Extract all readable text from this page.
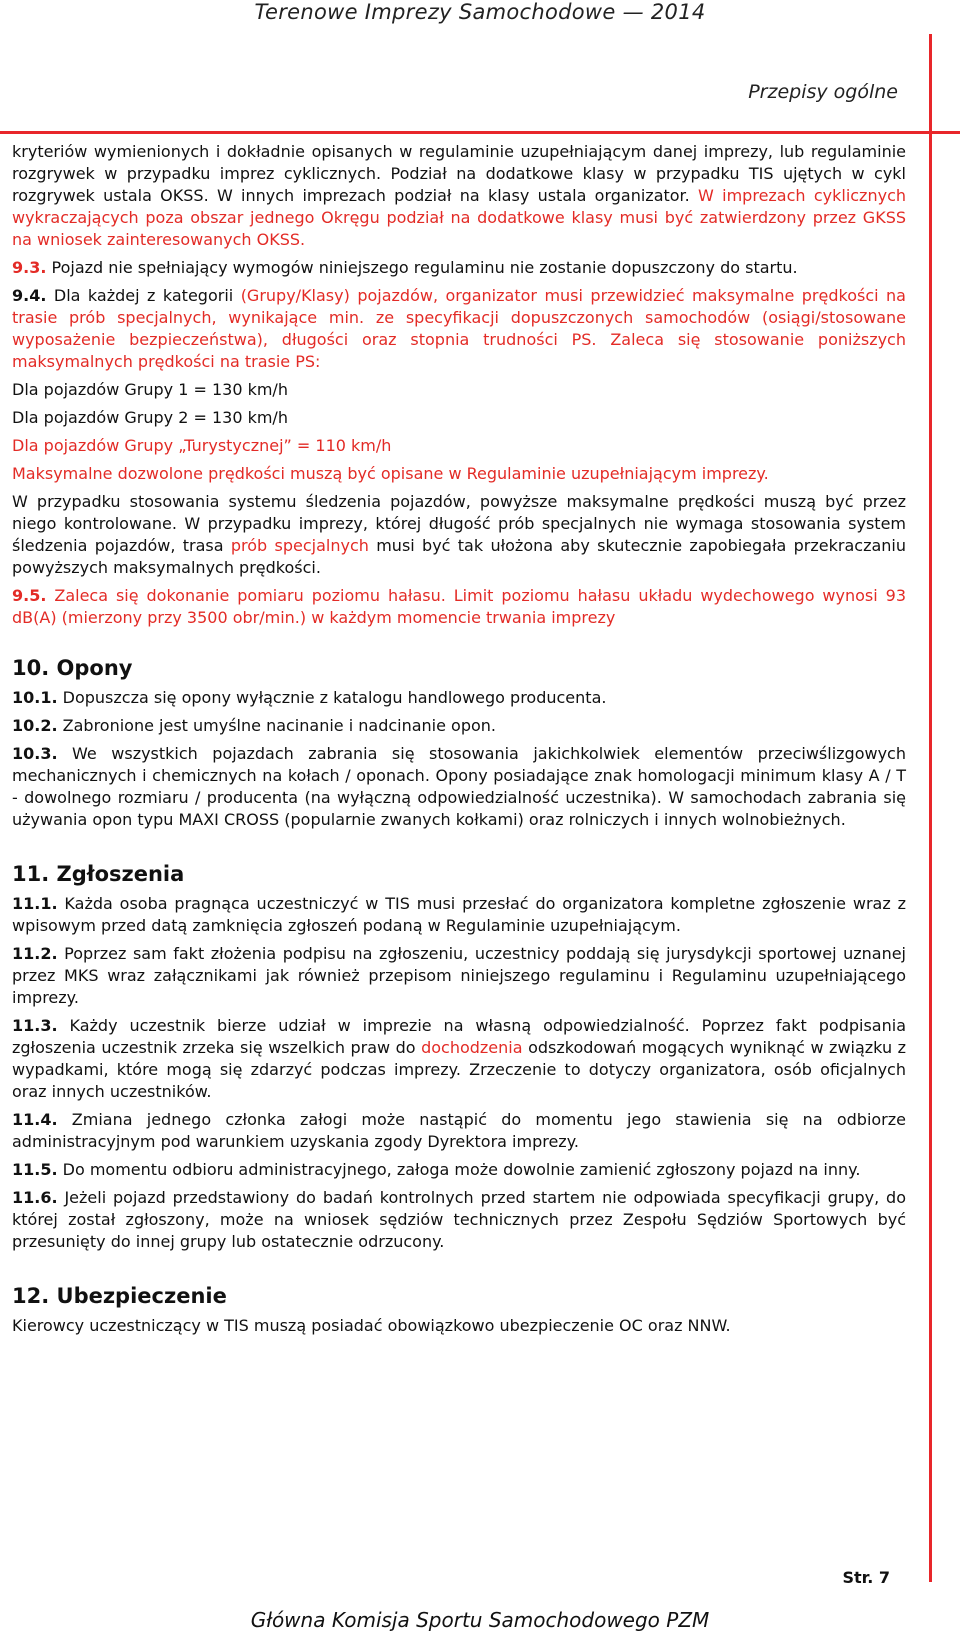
Terenowe Imprezy Samochodowe — 2014
Przepisy ogólne

kryteriów wymienionych i dokładnie opisanych w regulaminie uzupełniającym danej imprezy, lub regulaminie rozgrywek w przypadku imprez cyklicznych. Podział na dodatkowe klasy w przypadku TIS ujętych w cykl rozgrywek ustala OKSS. W innych imprezach podział na klasy ustala organizator. W imprezach cyklicznych wykraczających poza obszar jednego Okręgu podział na dodatkowe klasy musi być zatwierdzony przez GKSS na wniosek zainteresowanych OKSS.

9.3. Pojazd nie spełniający wymogów niniejszego regulaminu nie zostanie dopuszczony do startu.

9.4. Dla każdej z kategorii (Grupy/Klasy) pojazdów, organizator musi przewidzieć maksymalne prędkości na trasie prób specjalnych, wynikające min. ze specyfikacji dopuszczonych samochodów (osiągi/stosowane wyposażenie bezpieczeństwa), długości oraz stopnia trudności PS. Zaleca się stosowanie poniższych maksymalnych prędkości na trasie PS:

Dla pojazdów Grupy 1 = 130 km/h

Dla pojazdów Grupy 2 = 130 km/h

Dla pojazdów Grupy „Turystycznej” = 110 km/h

Maksymalne dozwolone prędkości muszą być opisane w Regulaminie uzupełniającym imprezy.

W przypadku stosowania systemu śledzenia pojazdów, powyższe maksymalne prędkości muszą być przez niego kontrolowane. W przypadku imprezy, której długość prób specjalnych nie wymaga stosowania system śledzenia pojazdów, trasa prób specjalnych musi być tak ułożona aby skutecznie zapobiegała przekraczaniu powyższych maksymalnych prędkości.

9.5. Zaleca się dokonanie pomiaru poziomu hałasu. Limit poziomu hałasu układu wydechowego wynosi 93 dB(A) (mierzony przy 3500 obr/min.) w każdym momencie trwania imprezy

10. Opony

10.1. Dopuszcza się opony wyłącznie z katalogu handlowego producenta.

10.2. Zabronione jest umyślne nacinanie i nadcinanie opon.

10.3. We wszystkich pojazdach zabrania się stosowania jakichkolwiek elementów przeciwślizgowych mechanicznych i chemicznych na kołach / oponach. Opony posiadające znak homologacji minimum klasy A / T - dowolnego rozmiaru / producenta (na wyłączną odpowiedzialność uczestnika). W samochodach zabrania się używania opon typu MAXI CROSS (popularnie zwanych kołkami) oraz rolniczych i innych wolnobieżnych.

11. Zgłoszenia

11.1. Każda osoba pragnąca uczestniczyć w TIS musi przesłać do organizatora kompletne zgłoszenie wraz z wpisowym przed datą zamknięcia zgłoszeń podaną w Regulaminie uzupełniającym.

11.2. Poprzez sam fakt złożenia podpisu na zgłoszeniu, uczestnicy poddają się jurysdykcji sportowej uznanej przez MKS wraz załącznikami jak również przepisom niniejszego regulaminu i Regulaminu uzupełniającego imprezy.

11.3. Każdy uczestnik bierze udział w imprezie na własną odpowiedzialność. Poprzez fakt podpisania zgłoszenia uczestnik zrzeka się wszelkich praw do dochodzenia odszkodowań mogących wyniknąć w związku z wypadkami, które mogą się zdarzyć podczas imprezy. Zrzeczenie to dotyczy organizatora, osób oficjalnych oraz innych uczestników.

11.4. Zmiana jednego członka załogi może nastąpić do momentu jego stawienia się na odbiorze administracyjnym pod warunkiem uzyskania zgody Dyrektora imprezy.

11.5. Do momentu odbioru administracyjnego, załoga może dowolnie zamienić zgłoszony pojazd na inny.

11.6. Jeżeli pojazd przedstawiony do badań kontrolnych przed startem nie odpowiada specyfikacji grupy, do której został zgłoszony, może na wniosek sędziów technicznych przez Zespołu Sędziów Sportowych być przesunięty do innej grupy lub ostatecznie odrzucony.

12. Ubezpieczenie

Kierowcy uczestniczący w TIS muszą posiadać obowiązkowo ubezpieczenie OC oraz NNW.

Str. 7
Główna Komisja Sportu Samochodowego PZM
